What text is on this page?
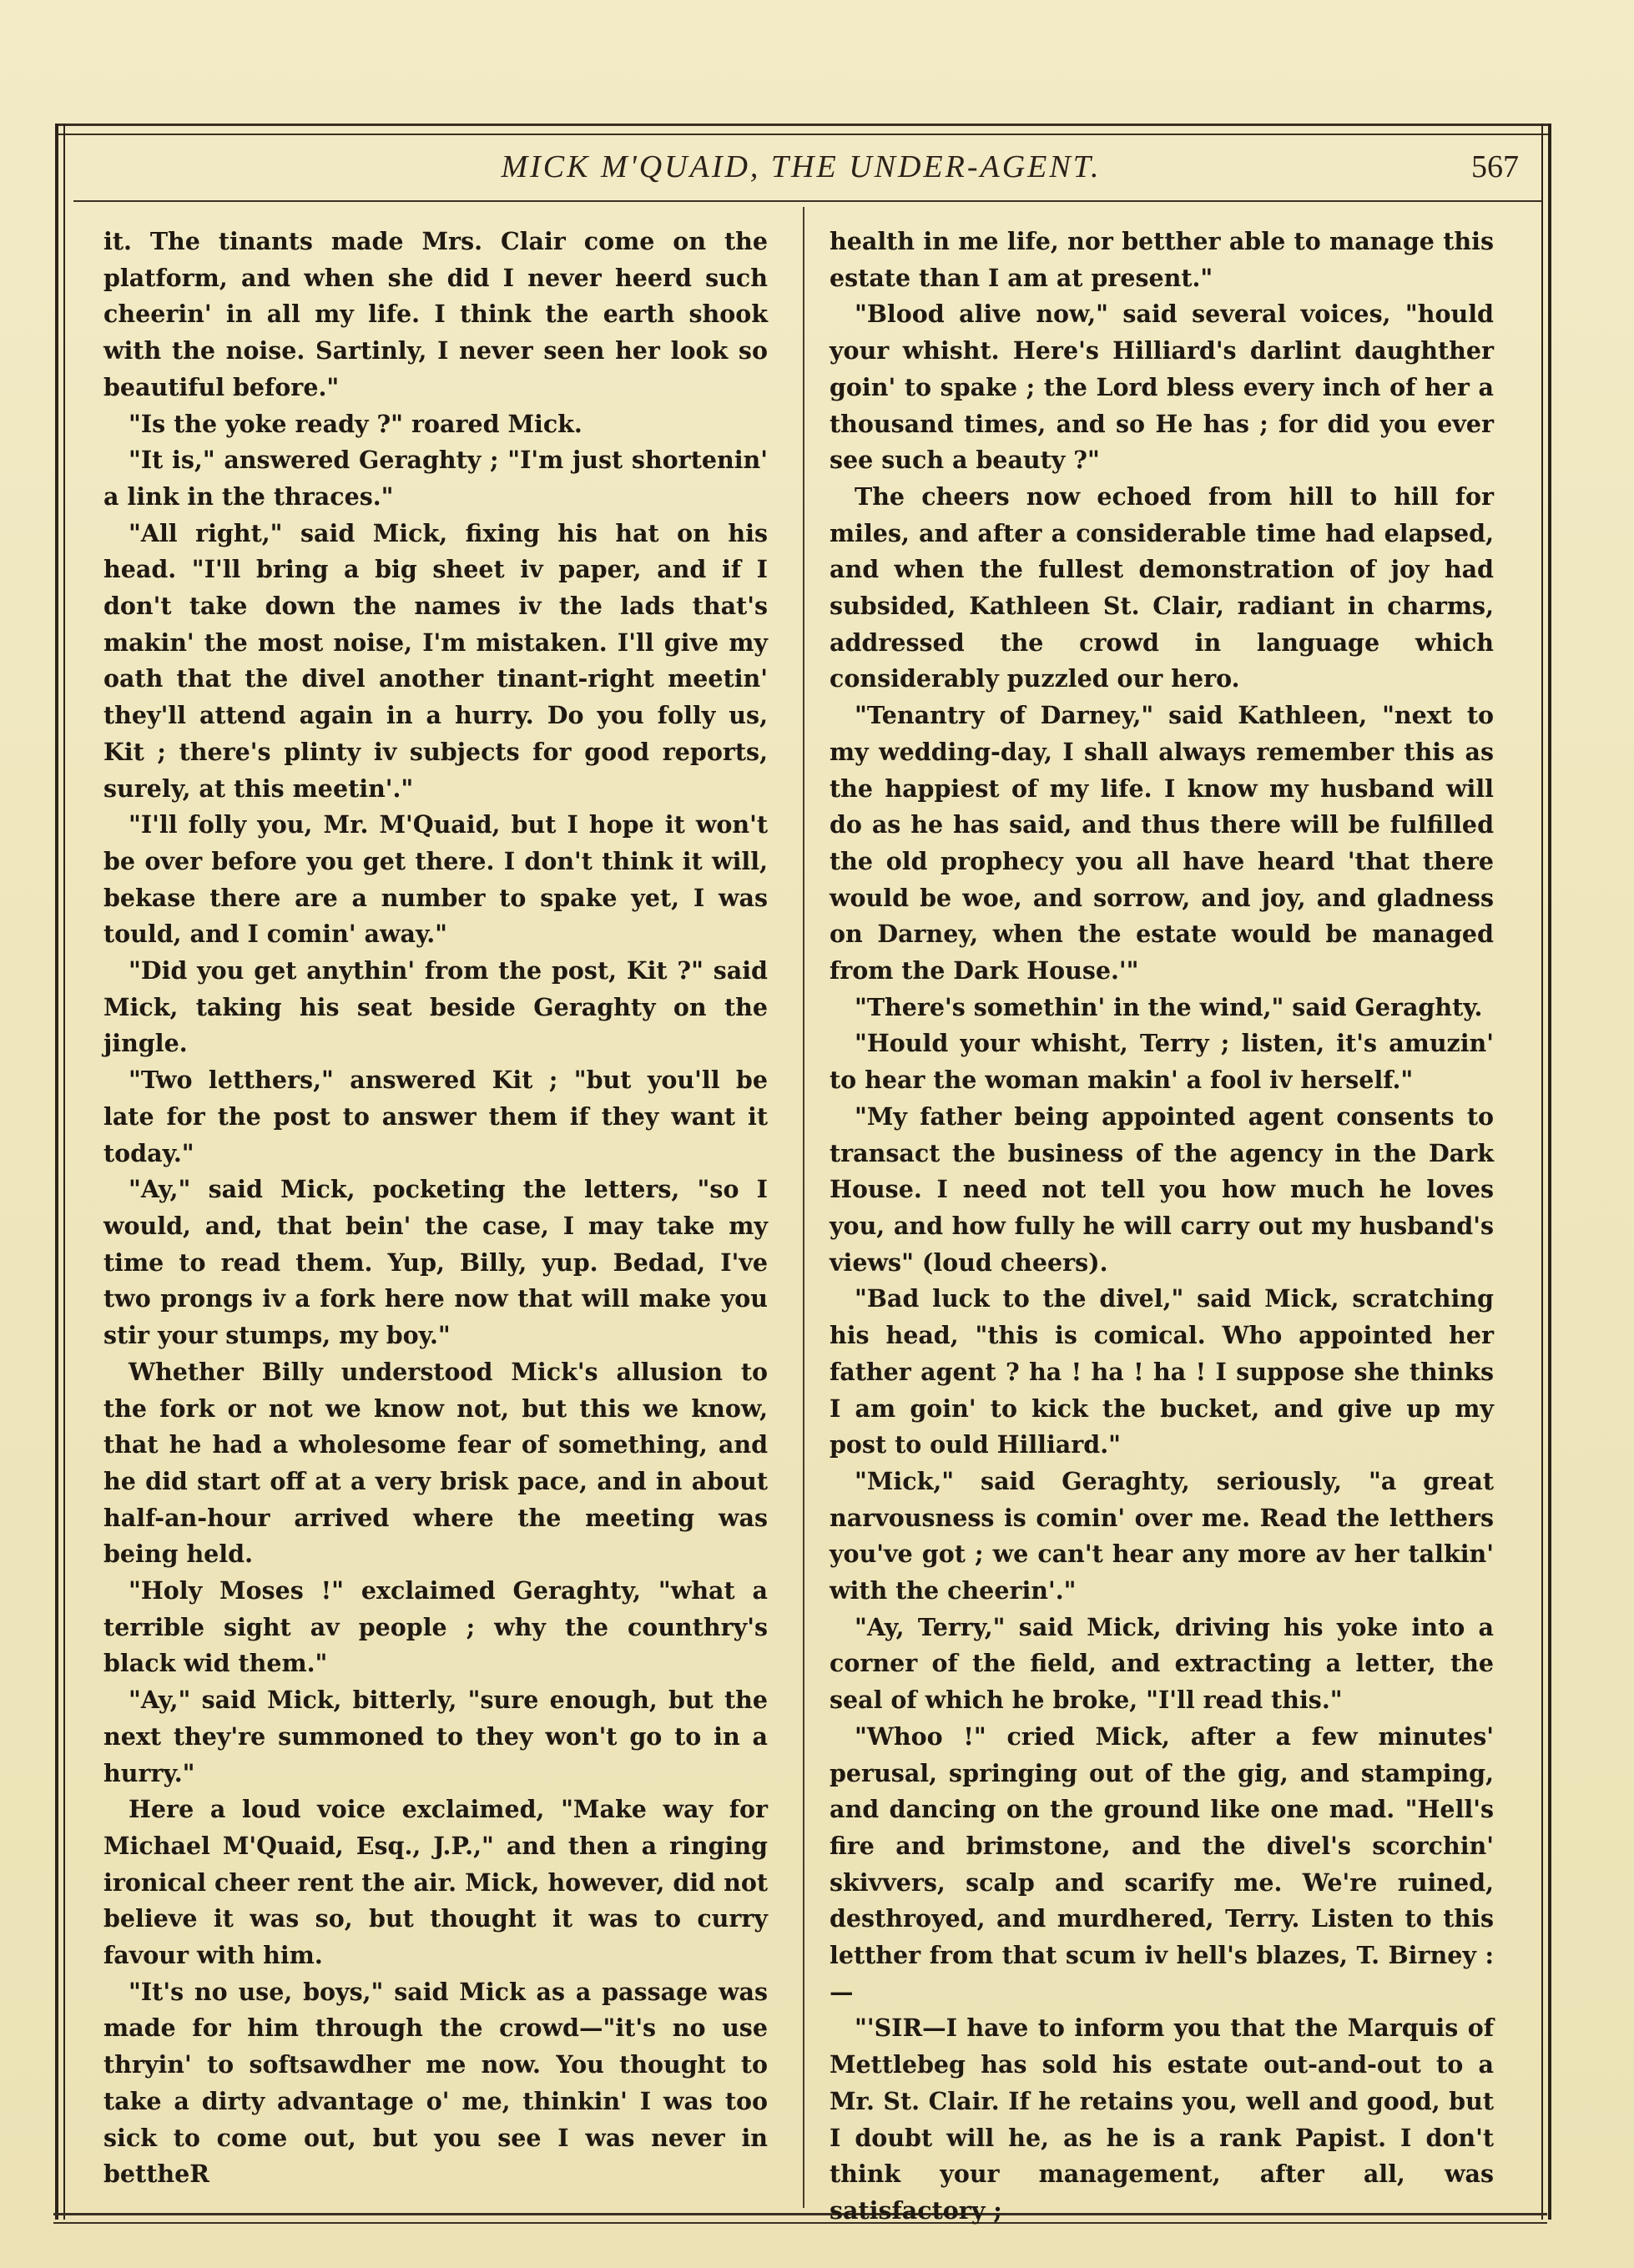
MICK M'QUAID, THE UNDER-AGENT.	567

it. The tinants made Mrs. Clair come on the platform, and when she did I never heerd such cheerin' in all my life. I think the earth shook with the noise. Sartinly, I never seen her look so beautiful before."

"Is the yoke ready ?" roared Mick.

"It is," answered Geraghty ; "I'm just shortenin' a link in the thraces."

"All right," said Mick, fixing his hat on his head. "I'll bring a big sheet iv paper, and if I don't take down the names iv the lads that's makin' the most noise, I'm mistaken. I'll give my oath that the divel another tinant-right meetin' they'll attend again in a hurry. Do you folly us, Kit ; there's plinty iv subjects for good reports, surely, at this meetin'."

"I'll folly you, Mr. M'Quaid, but I hope it won't be over before you get there. I don't think it will, bekase there are a number to spake yet, I was tould, and I comin' away."

"Did you get anythin' from the post, Kit ?" said Mick, taking his seat beside Geraghty on the jingle.

"Two letthers," answered Kit ; "but you'll be late for the post to answer them if they want it today."

"Ay," said Mick, pocketing the letters, "so I would, and, that bein' the case, I may take my time to read them. Yup, Billy, yup. Bedad, I've two prongs iv a fork here now that will make you stir your stumps, my boy."

Whether Billy understood Mick's allusion to the fork or not we know not, but this we know, that he had a wholesome fear of something, and he did start off at a very brisk pace, and in about half-an-hour arrived where the meeting was being held.

"Holy Moses !" exclaimed Geraghty, "what a terrible sight av people ; why the counthry's black wid them."

"Ay," said Mick, bitterly, "sure enough, but the next they're summoned to they won't go to in a hurry."

Here a loud voice exclaimed, "Make way for Michael M'Quaid, Esq., J.P.," and then a ringing ironical cheer rent the air. Mick, however, did not believe it was so, but thought it was to curry favour with him.

"It's no use, boys," said Mick as a passage was made for him through the crowd—"it's no use thryin' to softsawdher me now. You thought to take a dirty advantage o' me, thinkin' I was too sick to come out, but you see I was never in bettheR

health in me life, nor betther able to manage this estate than I am at present."

"Blood alive now," said several voices, "hould your whisht. Here's Hilliard's darlint daughther goin' to spake ; the Lord bless every inch of her a thousand times, and so He has ; for did you ever see such a beauty ?"

The cheers now echoed from hill to hill for miles, and after a considerable time had elapsed, and when the fullest demonstration of joy had subsided, Kathleen St. Clair, radiant in charms, addressed the crowd in language which considerably puzzled our hero.

"Tenantry of Darney," said Kathleen, "next to my wedding-day, I shall always remember this as the happiest of my life. I know my husband will do as he has said, and thus there will be fulfilled the old prophecy you all have heard 'that there would be woe, and sorrow, and joy, and gladness on Darney, when the estate would be managed from the Dark House.'"

"There's somethin' in the wind," said Geraghty.

"Hould your whisht, Terry ; listen, it's amuzin' to hear the woman makin' a fool iv herself."

"My father being appointed agent consents to transact the business of the agency in the Dark House. I need not tell you how much he loves you, and how fully he will carry out my husband's views" (loud cheers).

"Bad luck to the divel," said Mick, scratching his head, "this is comical. Who appointed her father agent ? ha ! ha ! ha ! I suppose she thinks I am goin' to kick the bucket, and give up my post to ould Hilliard."

"Mick," said Geraghty, seriously, "a great narvousness is comin' over me. Read the letthers you've got ; we can't hear any more av her talkin' with the cheerin'."

"Ay, Terry," said Mick, driving his yoke into a corner of the field, and extracting a letter, the seal of which he broke, "I'll read this."

"Whoo !" cried Mick, after a few minutes' perusal, springing out of the gig, and stamping, and dancing on the ground like one mad. "Hell's fire and brimstone, and the divel's scorchin' skivvers, scalp and scarify me. We're ruined, desthroyed, and murdhered, Terry. Listen to this letther from that scum iv hell's blazes, T. Birney :—

"'SIR—I have to inform you that the Marquis of Mettlebeg has sold his estate out-and-out to a Mr. St. Clair. If he retains you, well and good, but I doubt will he, as he is a rank Papist. I don't think your management, after all, was satisfactory ;
